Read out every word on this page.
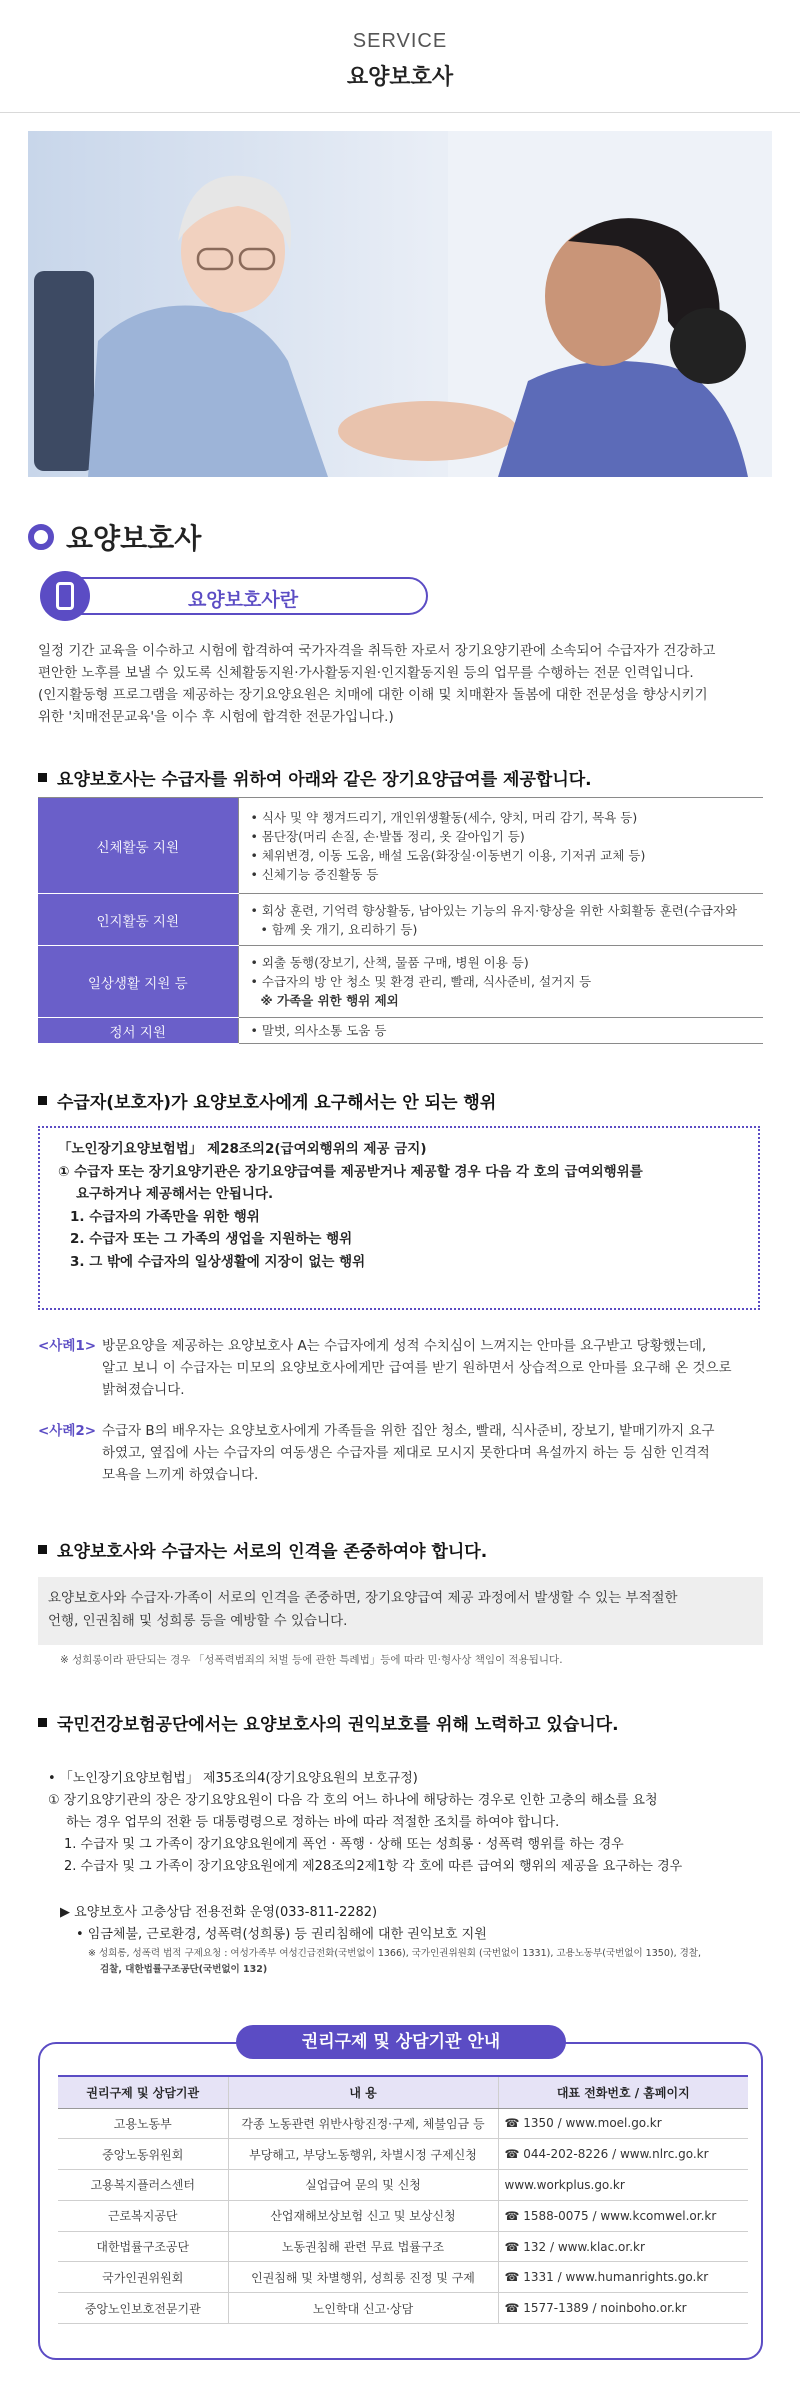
SERVICE
요양보호사
요양보호사
요양보호사란
일정 기간 교육을 이수하고 시험에 합격하여 국가자격을 취득한 자로서 장기요양기관에 소속되어 수급자가 건강하고
편안한 노후를 보낼 수 있도록 신체활동지원·가사활동지원·인지활동지원 등의 업무를 수행하는 전문 인력입니다.
(인지활동형 프로그램을 제공하는 장기요양요원은 치매에 대한 이해 및 치매환자 돌봄에 대한 전문성을 향상시키기
위한 '치매전문교육'을 이수 후 시험에 합격한 전문가입니다.)
요양보호사는 수급자를 위하여 아래와 같은 장기요양급여를 제공합니다.
신체활동 지원	• 식사 및 약 챙겨드리기, 개인위생활동(세수, 양치, 머리 감기, 목욕 등)
• 몸단장(머리 손질, 손·발톱 정리, 옷 갈아입기 등)
• 체위변경, 이동 도움, 배설 도움(화장실·이동변기 이용, 기저귀 교체 등)
• 신체기능 증진활동 등

인지활동 지원	• 회상 훈련, 기억력 향상활동, 남아있는 기능의 유지·향상을 위한 사회활동 훈련(수급자와
• 함께 옷 개기, 요리하기 등)

일상생활 지원 등	• 외출 동행(장보기, 산책, 물품 구매, 병원 이용 등)
• 수급자의 방 안 청소 및 환경 관리, 빨래, 식사준비, 설거지 등
※ 가족을 위한 행위 제외

정서 지원	• 말벗, 의사소통 도움 등
수급자(보호자)가 요양보호사에게 요구해서는 안 되는 행위
「노인장기요양보험법」 제28조의2(급여외행위의 제공 금지)
① 수급자 또는 장기요양기관은 장기요양급여를 제공받거나 제공할 경우 다음 각 호의 급여외행위를
요구하거나 제공해서는 안됩니다.
1. 수급자의 가족만을 위한 행위
2. 수급자 또는 그 가족의 생업을 지원하는 행위
3. 그 밖에 수급자의 일상생활에 지장이 없는 행위
<사례1> 방문요양을 제공하는 요양보호사 A는 수급자에게 성적 수치심이 느껴지는 안마를 요구받고 당황했는데,
알고 보니 이 수급자는 미모의 요양보호사에게만 급여를 받기 원하면서 상습적으로 안마를 요구해 온 것으로
밝혀졌습니다.
<사례2> 수급자 B의 배우자는 요양보호사에게 가족들을 위한 집안 청소, 빨래, 식사준비, 장보기, 밭매기까지 요구
하였고, 옆집에 사는 수급자의 여동생은 수급자를 제대로 모시지 못한다며 욕설까지 하는 등 심한 인격적
모욕을 느끼게 하였습니다.
요양보호사와 수급자는 서로의 인격을 존중하여야 합니다.
요양보호사와 수급자·가족이 서로의 인격을 존중하면, 장기요양급여 제공 과정에서 발생할 수 있는 부적절한
언행, 인권침해 및 성희롱 등을 예방할 수 있습니다.
※ 성희롱이라 판단되는 경우 「성폭력범죄의 처벌 등에 관한 특례법」등에 따라 민·형사상 책임이 적용됩니다.
국민건강보험공단에서는 요양보호사의 권익보호를 위해 노력하고 있습니다.
• 「노인장기요양보험법」 제35조의4(장기요양요원의 보호규정)
① 장기요양기관의 장은 장기요양요원이 다음 각 호의 어느 하나에 해당하는 경우로 인한 고충의 해소를 요청
하는 경우 업무의 전환 등 대통령령으로 정하는 바에 따라 적절한 조치를 하여야 합니다.
1. 수급자 및 그 가족이 장기요양요원에게 폭언 · 폭행 · 상해 또는 성희롱 · 성폭력 행위를 하는 경우
2. 수급자 및 그 가족이 장기요양요원에게 제28조의2제1항 각 호에 따른 급여외 행위의 제공을 요구하는 경우
▶ 요양보호사 고충상담 전용전화 운영(033-811-2282)
• 임금체불, 근로환경, 성폭력(성희롱) 등 권리침해에 대한 권익보호 지원
※ 성희롱, 성폭력 법적 구제요청 : 여성가족부 여성긴급전화(국번없이 1366), 국가인권위원회 (국번없이 1331), 고용노동부(국번없이 1350), 경찰,
검찰, 대한법률구조공단(국번없이 132)
권리구제 및 상담기관 안내
권리구제 및 상담기관	내 용	대표 전화번호 / 홈페이지
고용노동부	각종 노동관련 위반사항진정·구제, 체불임금 등	☎ 1350 / www.moel.go.kr
중앙노동위원회	부당해고, 부당노동행위, 차별시정 구제신청	☎ 044-202-8226 / www.nlrc.go.kr
고용복지플러스센터	실업급여 문의 및 신청	www.workplus.go.kr
근로복지공단	산업재해보상보험 신고 및 보상신청	☎ 1588-0075 / www.kcomwel.or.kr
대한법률구조공단	노동권침해 관련 무료 법률구조	☎ 132 / www.klac.or.kr
국가인권위원회	인권침해 및 차별행위, 성희롱 진정 및 구제	☎ 1331 / www.humanrights.go.kr
중앙노인보호전문기관	노인학대 신고·상담	☎ 1577-1389 / noinboho.or.kr
